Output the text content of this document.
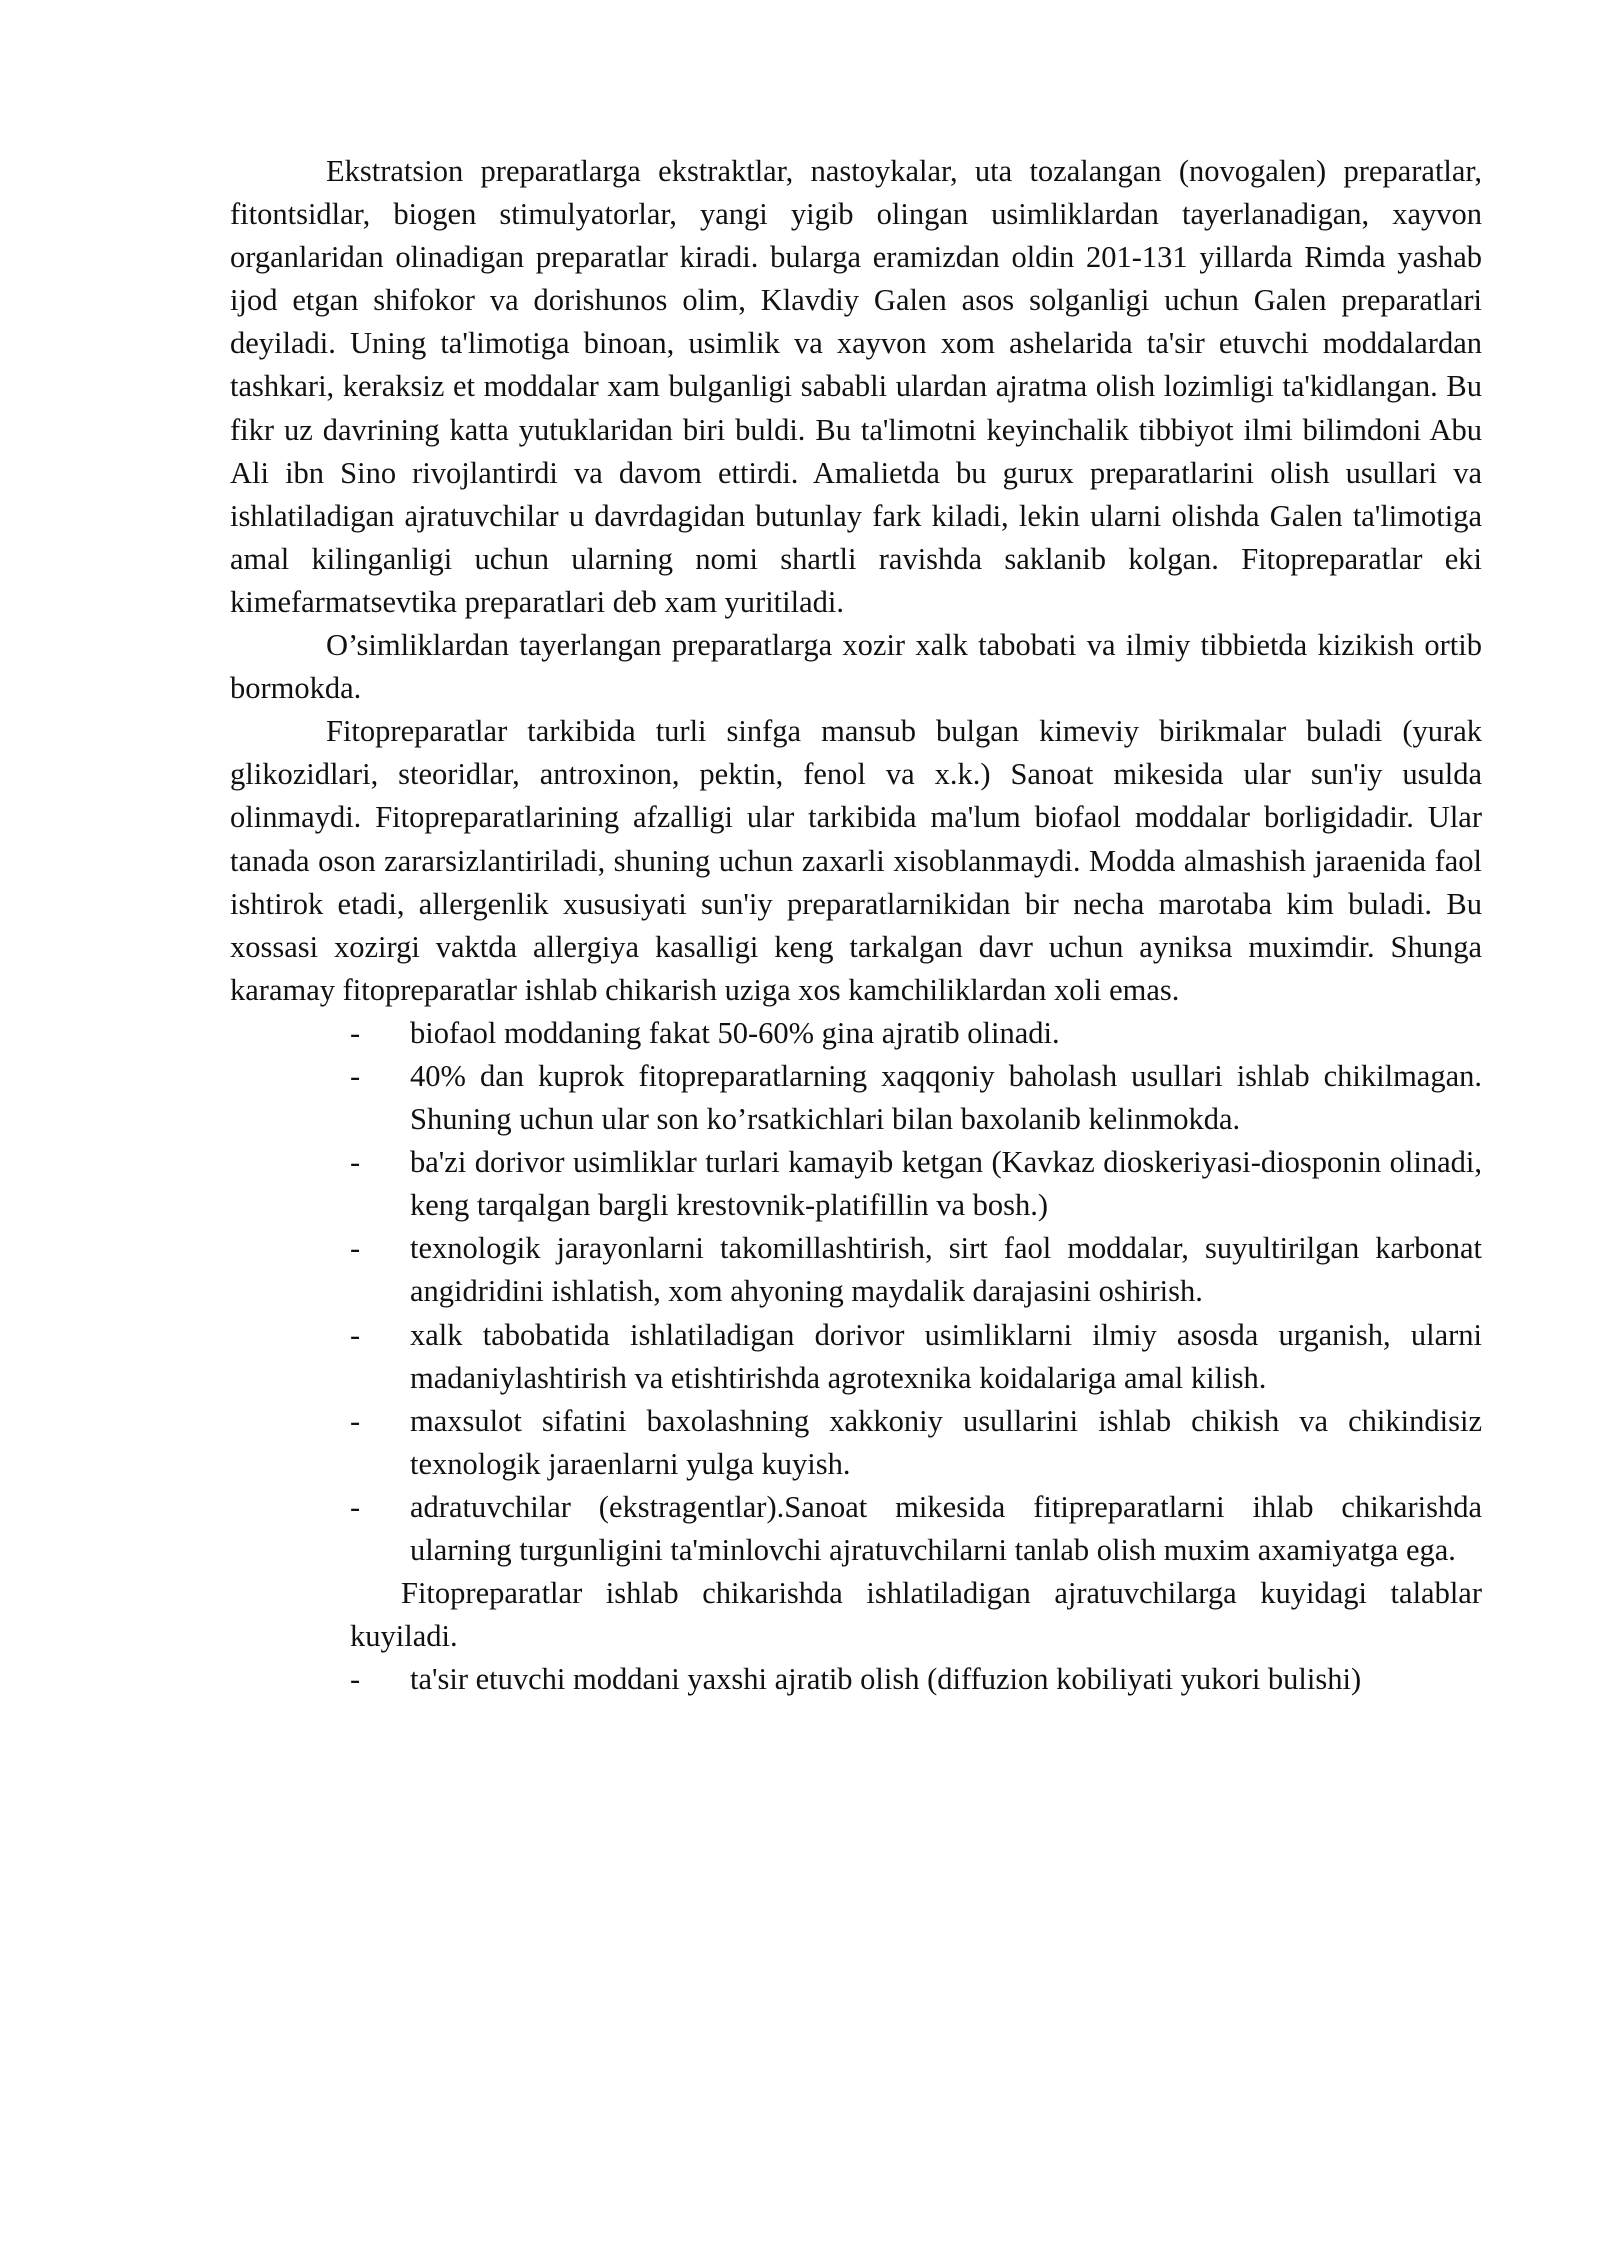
Ekstratsion preparatlarga ekstraktlar, nastoykalar, uta tozalangan (novogalen) preparatlar, fitontsidlar, biogen stimulyatorlar, yangi yigib olingan usimliklardan tayerlanadigan, xayvon organlaridan olinadigan preparatlar kiradi. bularga eramizdan oldin 201-131 yillarda Rimda yashab ijod etgan shifokor va dorishunos olim, Klavdiy Galen asos solganligi uchun Galen preparatlari deyiladi. Uning ta'limotiga binoan, usimlik va xayvon xom ashelarida ta'sir etuvchi moddalardan tashkari, keraksiz et moddalar xam bulganligi sababli ulardan ajratma olish lozimligi ta'kidlangan. Bu fikr uz davrining katta yutuklaridan biri buldi. Bu ta'limotni keyinchalik tibbiyot ilmi bilimdoni Abu Ali ibn Sino rivojlantirdi va davom ettirdi. Amalietda bu gurux preparatlarini olish usullari va ishlatiladigan ajratuvchilar u davrdagidan butunlay fark kiladi, lekin ularni olishda Galen ta'limotiga amal kilinganligi uchun ularning nomi shartli ravishda saklanib kolgan. Fitopreparatlar eki kimefarmatsevtika preparatlari deb xam yuritiladi.

O’simliklardan tayerlangan preparatlarga xozir xalk tabobati va ilmiy tibbietda kizikish ortib bormokda.

Fitopreparatlar tarkibida turli sinfga mansub bulgan kimeviy birikmalar buladi (yurak glikozidlari, steoridlar, antroxinon, pektin, fenol va x.k.) Sanoat mikesida ular sun'iy usulda olinmaydi. Fitopreparatlarining afzalligi ular tarkibida ma'lum biofaol moddalar borligidadir. Ular tanada oson zararsizlantiriladi, shuning uchun zaxarli xisoblanmaydi. Modda almashish jaraenida faol ishtirok etadi, allergenlik xususiyati sun'iy preparatlarnikidan bir necha marotaba kim buladi. Bu xossasi xozirgi vaktda allergiya kasalligi keng tarkalgan davr uchun ayniksa muximdir. Shunga karamay fitopreparatlar ishlab chikarish uziga xos kamchiliklardan xoli emas.

- biofaol moddaning fakat 50-60% gina ajratib olinadi.
- 40% dan kuprok fitopreparatlarning xaqqoniy baholash usullari ishlab chikilmagan. Shuning uchun ular son ko’rsatkichlari bilan baxolanib kelinmokda.
- ba'zi dorivor usimliklar turlari kamayib ketgan (Kavkaz dioskeriyasi-diosponin olinadi, keng tarqalgan bargli krestovnik-platifillin va bosh.)
- texnologik jarayonlarni takomillashtirish, sirt faol moddalar, suyultirilgan karbonat angidridini ishlatish, xom ahyoning maydalik darajasini oshirish.
- xalk tabobatida ishlatiladigan dorivor usimliklarni ilmiy asosda urganish, ularni madaniylashtirish va etishtirishda agrotexnika koidalariga amal kilish.
- maxsulot sifatini baxolashning xakkoniy usullarini ishlab chikish va chikindisiz texnologik jaraenlarni yulga kuyish.
- adratuvchilar (ekstragentlar).Sanoat mikesida fitipreparatlarni ihlab chikarishda ularning turgunligini ta'minlovchi ajratuvchilarni tanlab olish muxim axamiyatga ega.

Fitopreparatlar ishlab chikarishda ishlatiladigan ajratuvchilarga kuyidagi talablar kuyiladi.

- ta'sir etuvchi moddani yaxshi ajratib olish (diffuzion kobiliyati yukori bulishi)
